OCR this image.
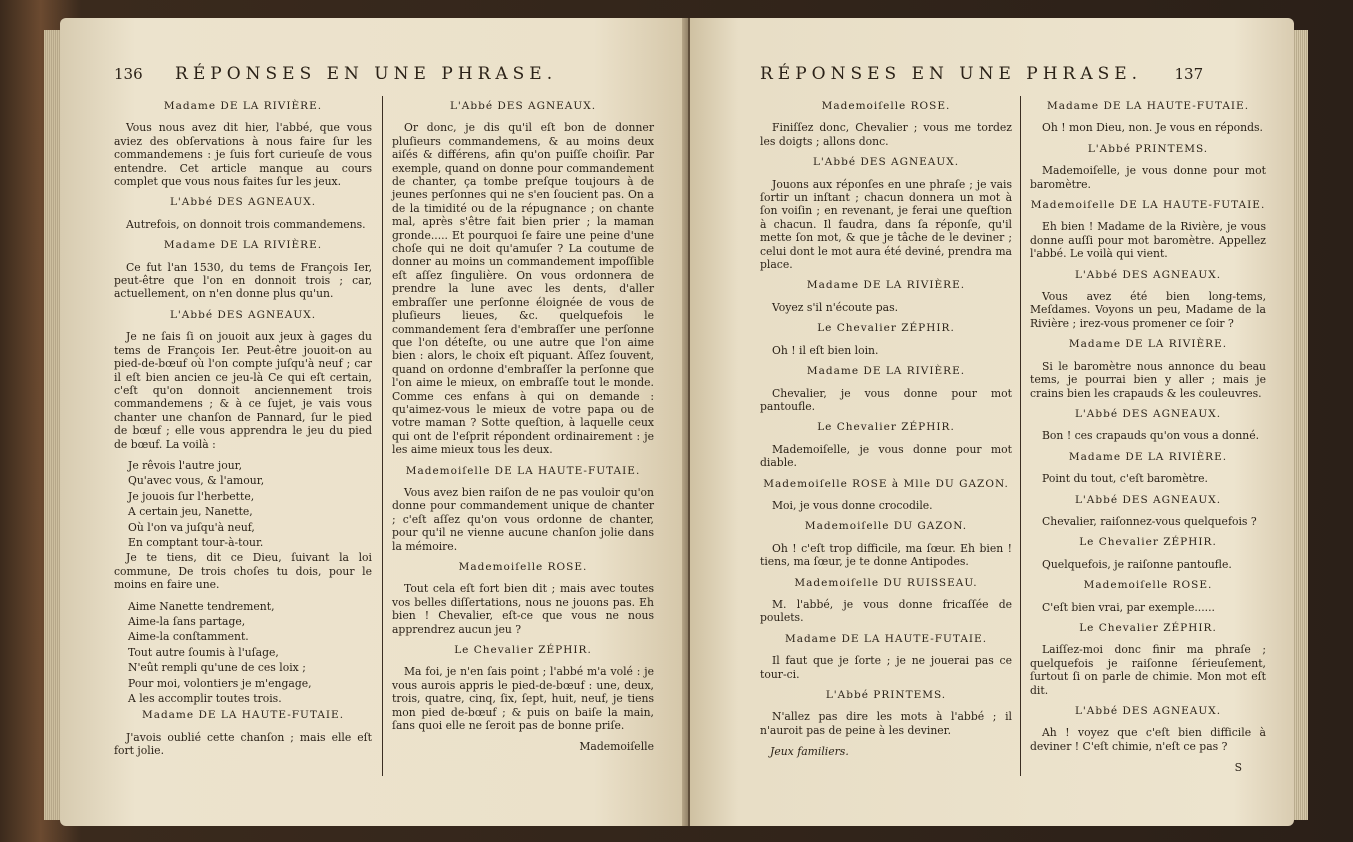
136 RÉPONSES EN UNE PHRASE.

Madame DE LA RIVIÈRE.

Vous nous avez dit hier, l'abbé, que vous aviez des obſervations à nous faire ſur les commandemens : je ſuis fort curieuſe de vous entendre. Cet article manque au cours complet que vous nous faites ſur les jeux.

L'Abbé DES AGNEAUX.

Autrefois, on donnoit trois commandemens.

Madame DE LA RIVIÈRE.

Ce fut l'an 1530, du tems de François Ier, peut-être que l'on en donnoit trois ; car, actuellement, on n'en donne plus qu'un.

L'Abbé DES AGNEAUX.

Je ne ſais ſi on jouoit aux jeux à gages du tems de François Ier. Peut-être jouoit-on au pied-de-bœuf où l'on compte juſqu'à neuf ; car il eſt bien ancien ce jeu-là Ce qui eſt certain, c'eſt qu'on donnoit anciennement trois commandemens ; & à ce ſujet, je vais vous chanter une chanſon de Pannard, ſur le pied de bœuf ; elle vous apprendra le jeu du pied de bœuf. La voilà :

Je rêvois l'autre jour,

Qu'avec vous, & l'amour,

Je jouois ſur l'herbette,

A certain jeu, Nanette,

Où l'on va juſqu'à neuf,

En comptant tour-à-tour.

Je te tiens, dit ce Dieu, ſuivant la loi commune, De trois choſes tu dois, pour le moins en faire une.

Aime Nanette tendrement,

Aime-la ſans partage,

Aime-la conſtamment.

Tout autre ſoumis à l'uſage,

N'eût rempli qu'une de ces loix ;

Pour moi, volontiers je m'engage,

A les accomplir toutes trois.

Madame DE LA HAUTE-FUTAIE.

J'avois oublié cette chanſon ; mais elle eſt fort jolie.

L'Abbé DES AGNEAUX.

Or donc, je dis qu'il eſt bon de donner pluſieurs commandemens, & au moins deux aiſés & différens, afin qu'on puiſſe choiſir. Par exemple, quand on donne pour commandement de chanter, ça tombe preſque toujours à de jeunes perſonnes qui ne s'en ſoucient pas. On a de la timidité ou de la répugnance ; on chante mal, après s'être fait bien prier ; la maman gronde..... Et pourquoi ſe faire une peine d'une choſe qui ne doit qu'amuſer ? La coutume de donner au moins un commandement impoſſible eſt aſſez ſingulière. On vous ordonnera de prendre la lune avec les dents, d'aller embraſſer une perſonne éloignée de vous de pluſieurs lieues, &c. quelquefois le commandement ſera d'embraſſer une perſonne que l'on déteſte, ou une autre que l'on aime bien : alors, le choix eſt piquant. Aſſez ſouvent, quand on ordonne d'embraſſer la perſonne que l'on aime le mieux, on embraſſe tout le monde. Comme ces enfans à qui on demande : qu'aimez-vous le mieux de votre papa ou de votre maman ? Sotte queſtion, à laquelle ceux qui ont de l'eſprit répondent ordinairement : je les aime mieux tous les deux.

Mademoiſelle DE LA HAUTE-FUTAIE.

Vous avez bien raiſon de ne pas vouloir qu'on donne pour commandement unique de chanter ; c'eſt aſſez qu'on vous ordonne de chanter, pour qu'il ne vienne aucune chanſon jolie dans la mémoire.

Mademoiſelle ROSE.

Tout cela eſt fort bien dit ; mais avec toutes vos belles diſſertations, nous ne jouons pas. Eh bien ! Chevalier, eſt-ce que vous ne nous apprendrez aucun jeu ?

Le Chevalier ZÉPHIR.

Ma foi, je n'en ſais point ; l'abbé m'a volé : je vous aurois appris le pied-de-bœuf : une, deux, trois, quatre, cinq, ſix, ſept, huit, neuf, je tiens mon pied de-bœuf ; & puis on baiſe la main, ſans quoi elle ne ſeroit pas de bonne priſe.

Mademoiſelle

RÉPONSES EN UNE PHRASE. 137

Mademoiſelle ROSE.

Finiſſez donc, Chevalier ; vous me tordez les doigts ; allons donc.

L'Abbé DES AGNEAUX.

Jouons aux réponſes en une phraſe ; je vais ſortir un inſtant ; chacun donnera un mot à ſon voiſin ; en revenant, je ferai une queſtion à chacun. Il faudra, dans ſa réponſe, qu'il mette ſon mot, & que je tâche de le deviner ; celui dont le mot aura été deviné, prendra ma place.

Madame DE LA RIVIÈRE.

Voyez s'il n'écoute pas.

Le Chevalier ZÉPHIR.

Oh ! il eſt bien loin.

Madame DE LA RIVIÈRE.

Chevalier, je vous donne pour mot pantoufle.

Le Chevalier ZÉPHIR.

Mademoiſelle, je vous donne pour mot diable.

Mademoiſelle ROSE à Mlle DU GAZON.

Moi, je vous donne crocodile.

Mademoiſelle DU GAZON.

Oh ! c'eſt trop difficile, ma ſœur. Eh bien ! tiens, ma ſœur, je te donne Antipodes.

Mademoiſelle DU RUISSEAU.

M. l'abbé, je vous donne fricaſſée de poulets.

Madame DE LA HAUTE-FUTAIE.

Il faut que je ſorte ; je ne jouerai pas ce tour-ci.

L'Abbé PRINTEMS.

N'allez pas dire les mots à l'abbé ; il n'auroit pas de peine à les deviner.

Jeux familiers.

Madame DE LA HAUTE-FUTAIE.

Oh ! mon Dieu, non. Je vous en réponds.

L'Abbé PRINTEMS.

Mademoiſelle, je vous donne pour mot baromètre.

Mademoiſelle DE LA HAUTE-FUTAIE.

Eh bien ! Madame de la Rivière, je vous donne auſſi pour mot baromètre. Appellez l'abbé. Le voilà qui vient.

L'Abbé DES AGNEAUX.

Vous avez été bien long-tems, Meſdames. Voyons un peu, Madame de la Rivière ; irez-vous promener ce ſoir ?

Madame DE LA RIVIÈRE.

Si le baromètre nous annonce du beau tems, je pourrai bien y aller ; mais je crains bien les crapauds & les couleuvres.

L'Abbé DES AGNEAUX.

Bon ! ces crapauds qu'on vous a donné.

Madame DE LA RIVIÈRE.

Point du tout, c'eſt baromètre.

L'Abbé DES AGNEAUX.

Chevalier, raiſonnez-vous quelquefois ?

Le Chevalier ZÉPHIR.

Quelquefois, je raiſonne pantoufle.

Mademoiſelle ROSE.

C'eſt bien vrai, par exemple......

Le Chevalier ZÉPHIR.

Laiſſez-moi donc finir ma phraſe ; quelquefois je raiſonne ſérieuſement, ſurtout ſi on parle de chimie. Mon mot eſt dit.

L'Abbé DES AGNEAUX.

Ah ! voyez que c'eſt bien difficile à deviner ! C'eſt chimie, n'eſt ce pas ?

S
